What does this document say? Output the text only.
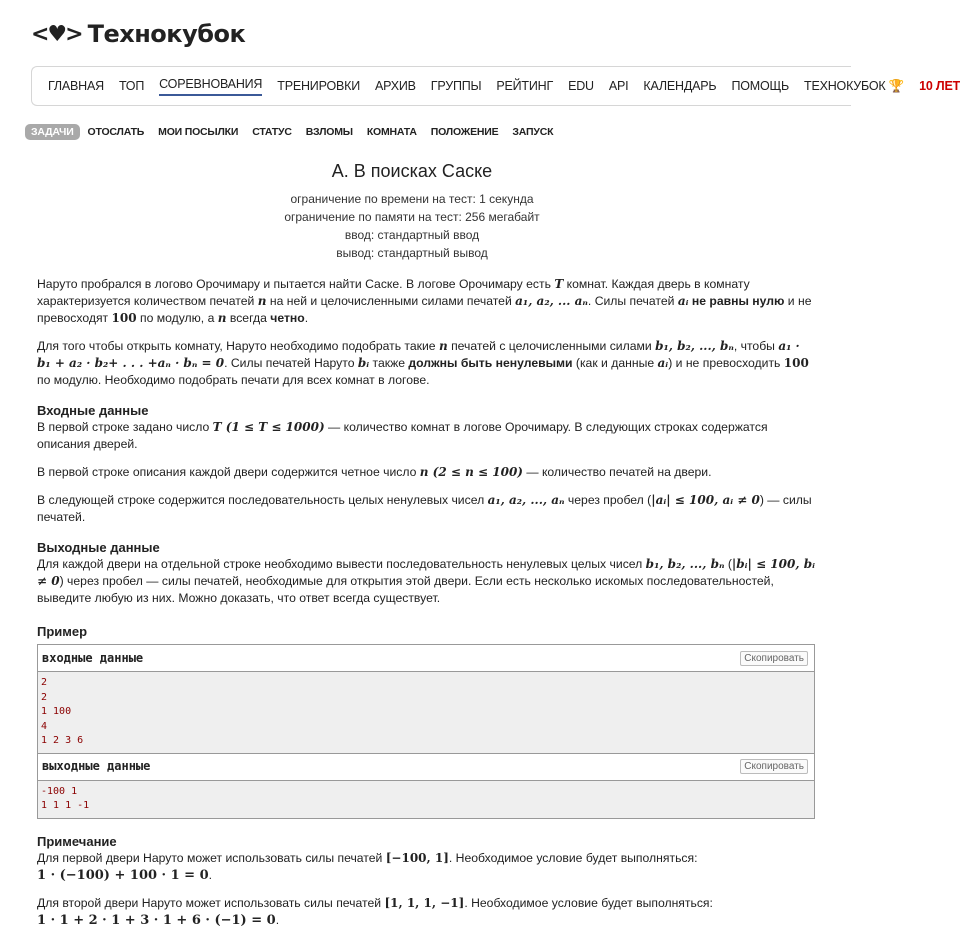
<♥> Технокубок
ГЛАВНАЯ ТОП СОРЕВНОВАНИЯ ТРЕНИРОВКИ АРХИВ ГРУППЫ РЕЙТИНГ EDU API КАЛЕНДАРЬ ПОМОЩЬ ТЕХНОКУБОК 🏆 10 ЛЕТ
ЗАДАЧИ	ОТОСЛАТЬ	МОИ ПОСЫЛКИ	СТАТУС	ВЗЛОМЫ	КОМНАТА	ПОЛОЖЕНИЕ	ЗАПУСК
A. В поисках Саске
ограничение по времени на тест: 1 секунда
ограничение по памяти на тест: 256 мегабайт
ввод: стандартный ввод
вывод: стандартный вывод

Наруто пробрался в логово Орочимару и пытается найти Саске. В логове Орочимару есть T комнат. Каждая дверь в комнату характеризуется количеством печатей n на ней и целочисленными силами печатей a₁, a₂, ... aₙ. Силы печатей aᵢ не равны нулю и не превосходят 100 по модулю, а n всегда четно.

Для того чтобы открыть комнату, Наруто необходимо подобрать такие n печатей с целочисленными силами b₁, b₂, ..., bₙ, чтобы a₁ · b₁ + a₂ · b₂+ . . . +aₙ · bₙ = 0. Силы печатей Наруто bᵢ также должны быть ненулевыми (как и данные aᵢ) и не превосходить 100 по модулю. Необходимо подобрать печати для всех комнат в логове.

Входные данные

В первой строке задано число T (1 ≤ T ≤ 1000) — количество комнат в логове Орочимару. В следующих строках содержатся описания дверей.

В первой строке описания каждой двери содержится четное число n (2 ≤ n ≤ 100) — количество печатей на двери.

В следующей строке содержится последовательность целых ненулевых чисел a₁, a₂, ..., aₙ через пробел (|aᵢ| ≤ 100, aᵢ ≠ 0) — силы печатей.

Выходные данные

Для каждой двери на отдельной строке необходимо вывести последовательность ненулевых целых чисел b₁, b₂, ..., bₙ (|bᵢ| ≤ 100, bᵢ ≠ 0) через пробел — силы печатей, необходимые для открытия этой двери. Если есть несколько искомых последовательностей, выведите любую из них. Можно доказать, что ответ всегда существует.

Пример
входные данные	Скопировать
2
2
1 100
4
1 2 3 6
выходные данные	Скопировать
-100 1
1 1 1 -1
Примечание

Для первой двери Наруто может использовать силы печатей [−100, 1]. Необходимое условие будет выполняться:
1 · (−100) + 100 · 1 = 0.

Для второй двери Наруто может использовать силы печатей [1, 1, 1, −1]. Необходимое условие будет выполняться:
1 · 1 + 2 · 1 + 3 · 1 + 6 · (−1) = 0.
